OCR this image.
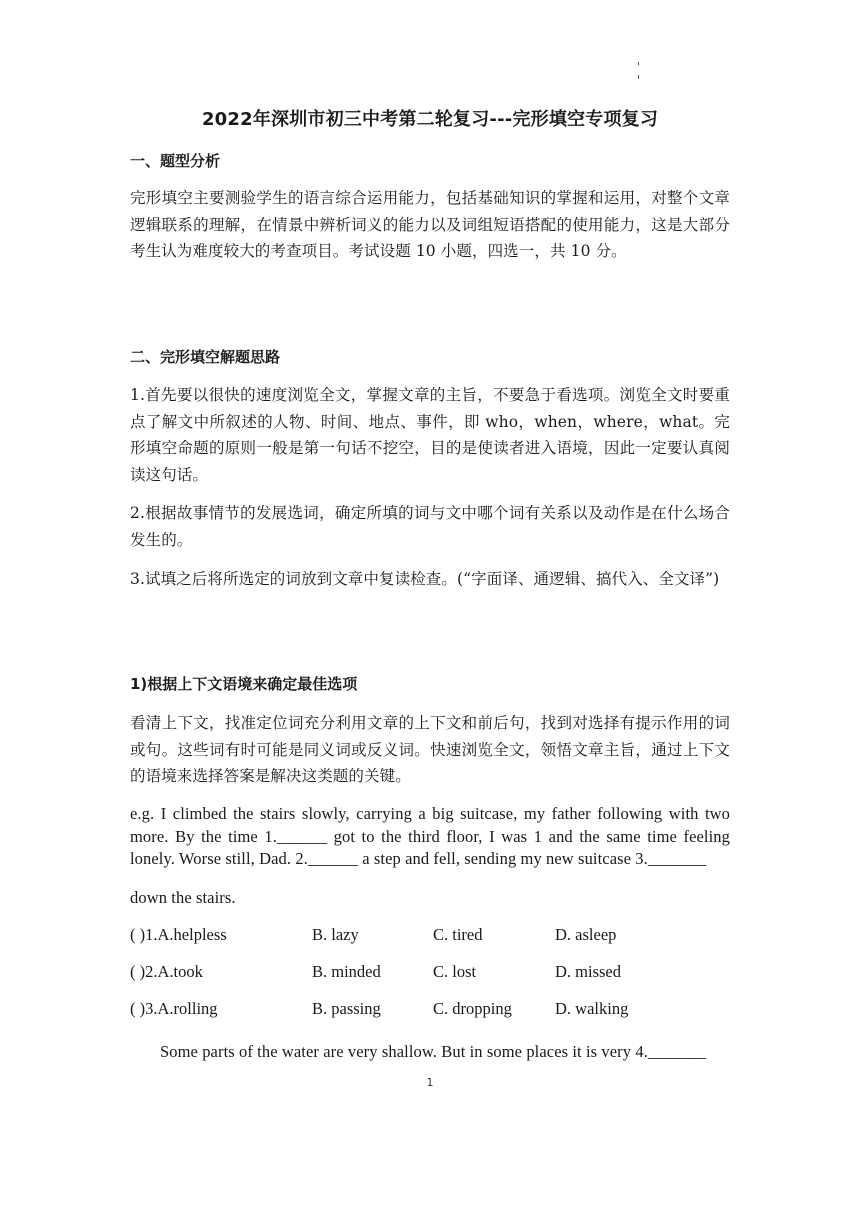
2022年深圳市初三中考第二轮复习---完形填空专项复习
一、题型分析
完形填空主要测验学生的语言综合运用能力，包括基础知识的掌握和运用，对整个文章逻辑联系的理解，在情景中辨析词义的能力以及词组短语搭配的使用能力，这是大部分考生认为难度较大的考查项目。考试设题 10 小题，四选一，共 10 分。
二、完形填空解题思路
1.首先要以很快的速度浏览全文，掌握文章的主旨，不要急于看选项。浏览全文时要重点了解文中所叙述的人物、时间、地点、事件，即 who，when，where，what。完形填空命题的原则一般是第一句话不挖空，目的是使读者进入语境，因此一定要认真阅读这句话。
2.根据故事情节的发展选词，确定所填的词与文中哪个词有关系以及动作是在什么场合发生的。
3.试填之后将所选定的词放到文章中复读检查。(“字面译、通逻辑、搞代入、全文译”)
1)根据上下文语境来确定最佳选项
看清上下文，找准定位词充分利用文章的上下文和前后句，找到对选择有提示作用的词或句。这些词有时可能是同义词或反义词。快速浏览全文，领悟文章主旨，通过上下文的语境来选择答案是解决这类题的关键。
e.g. I climbed the stairs slowly, carrying a big suitcase, my father following with two more. By the time 1.______ got to the third floor, I was 1 and the same time feeling lonely. Worse still, Dad. 2.______ a step and fell, sending my new suitcase 3._______
down the stairs.
( )1.A.helpless	B. lazy	C. tired	D. asleep
( )2.A.took	B. minded	C. lost	D. missed
( )3.A.rolling	B. passing	C. dropping	D. walking
Some parts of the water are very shallow. But in some places it is very 4._______
1
